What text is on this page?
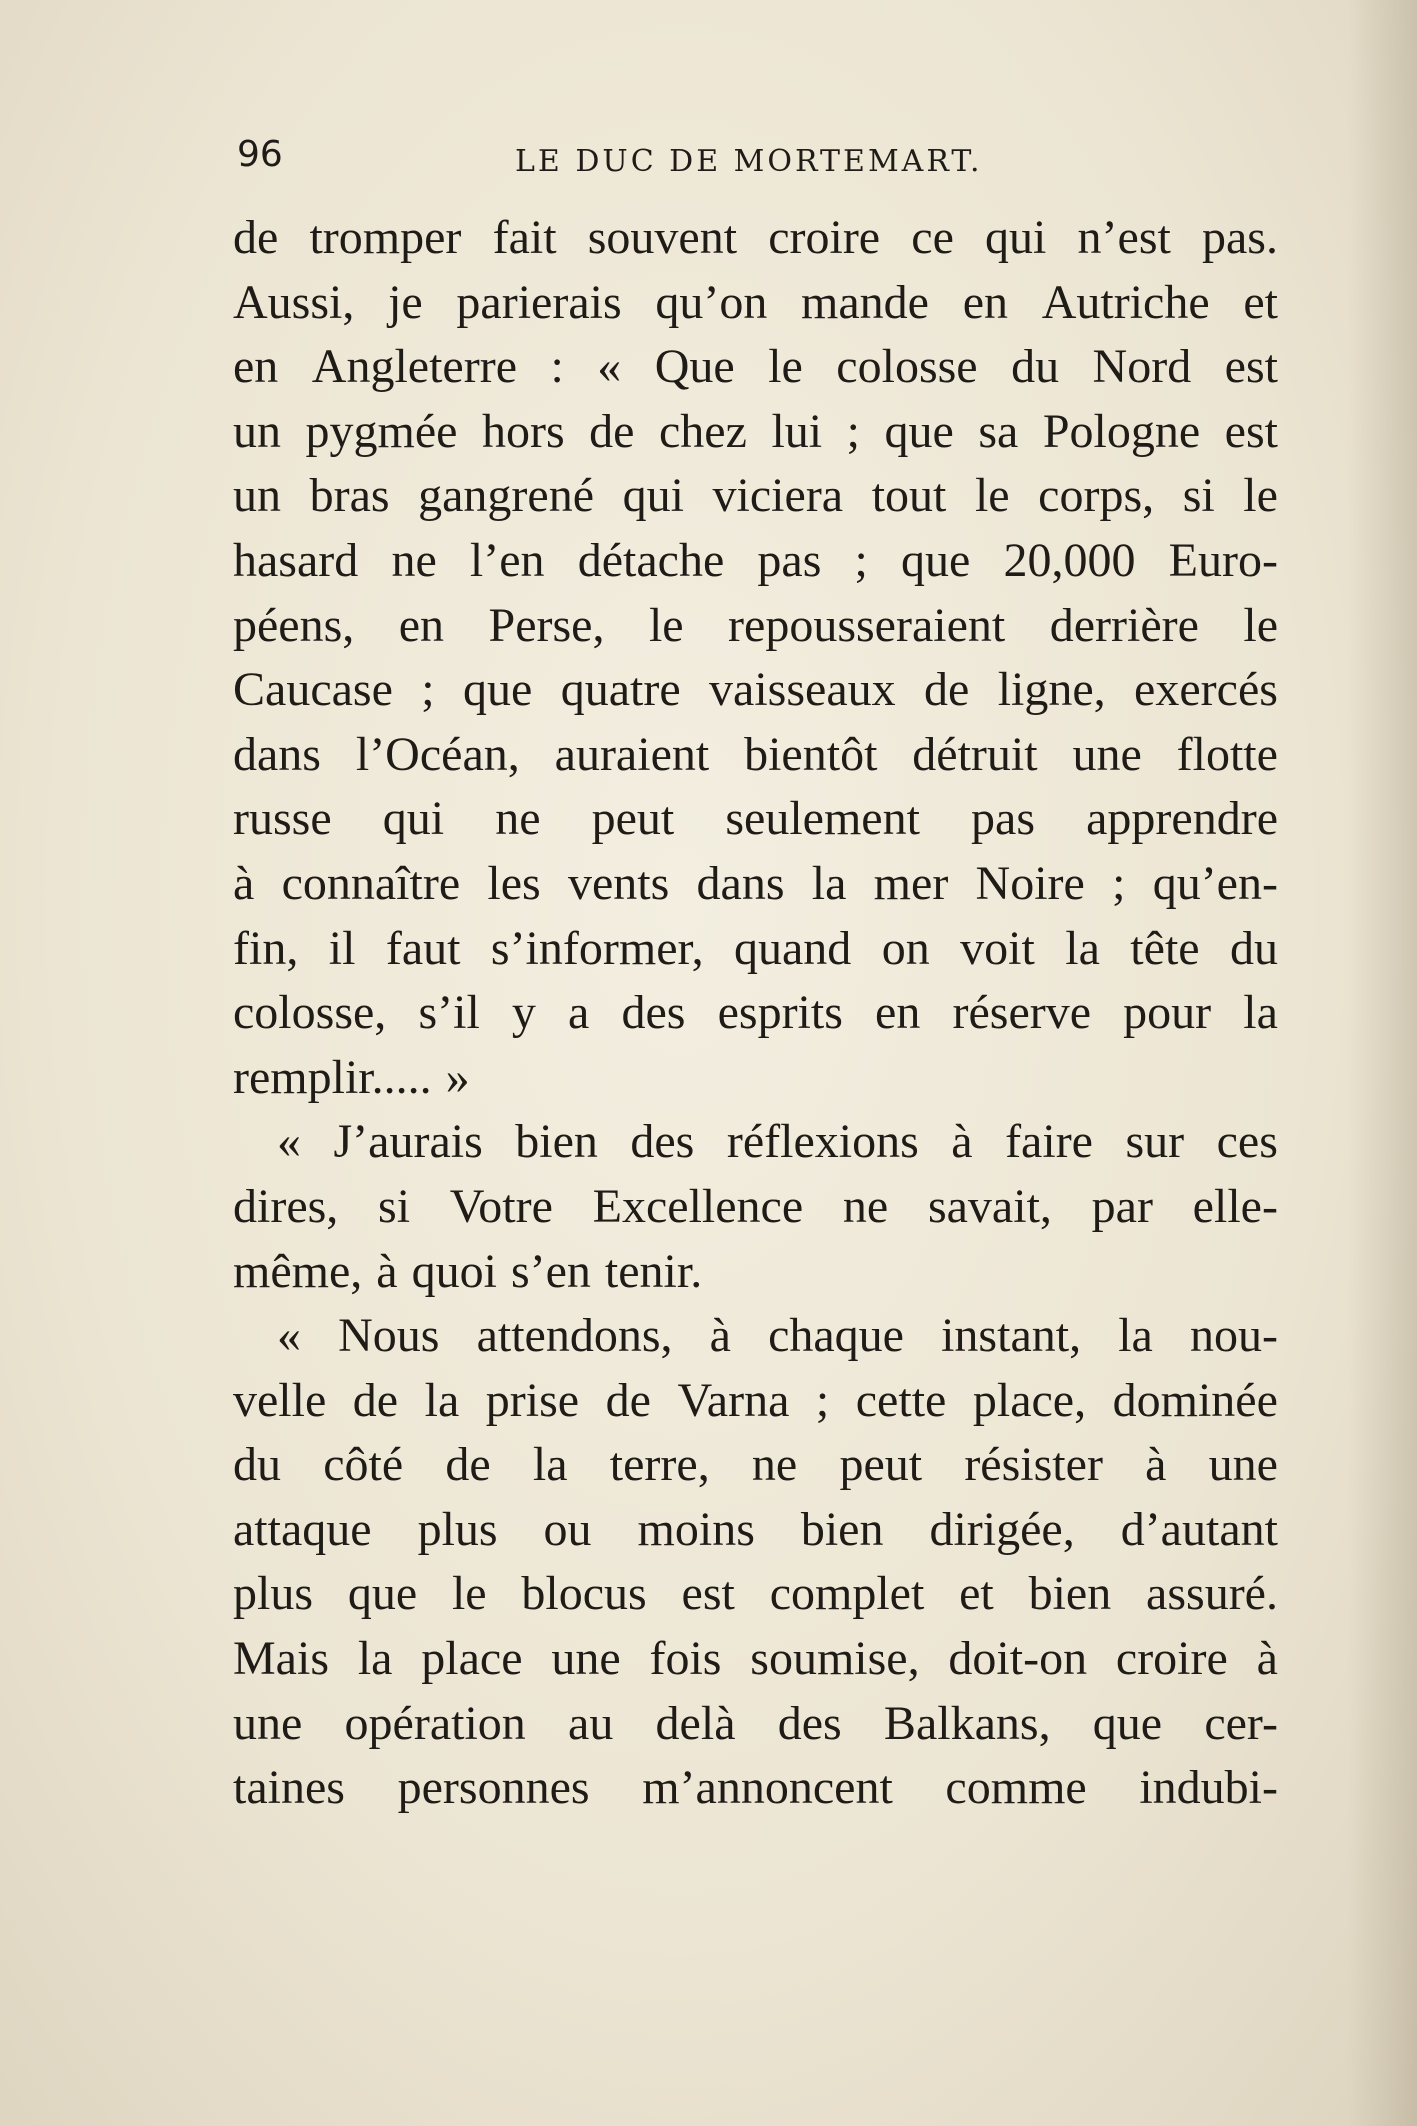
96	LE DUC DE MORTEMART.
de tromper fait souvent croire ce qui n’est pas.
Aussi, je parierais qu’on mande en Autriche et
en Angleterre : « Que le colosse du Nord est
un pygmée hors de chez lui ; que sa Pologne est
un bras gangrené qui viciera tout le corps, si le
hasard ne l’en détache pas ; que 20,000 Euro-
péens, en Perse, le repousseraient derrière le
Caucase ; que quatre vaisseaux de ligne, exercés
dans l’Océan, auraient bientôt détruit une flotte
russe qui ne peut seulement pas apprendre
à connaître les vents dans la mer Noire ; qu’en-
fin, il faut s’informer, quand on voit la tête du
colosse, s’il y a des esprits en réserve pour la
remplir..... »
« J’aurais bien des réflexions à faire sur ces
dires, si Votre Excellence ne savait, par elle-
même, à quoi s’en tenir.
« Nous attendons, à chaque instant, la nou-
velle de la prise de Varna ; cette place, dominée
du côté de la terre, ne peut résister à une
attaque plus ou moins bien dirigée, d’autant
plus que le blocus est complet et bien assuré.
Mais la place une fois soumise, doit-on croire à
une opération au delà des Balkans, que cer-
taines personnes m’annoncent comme indubi-
